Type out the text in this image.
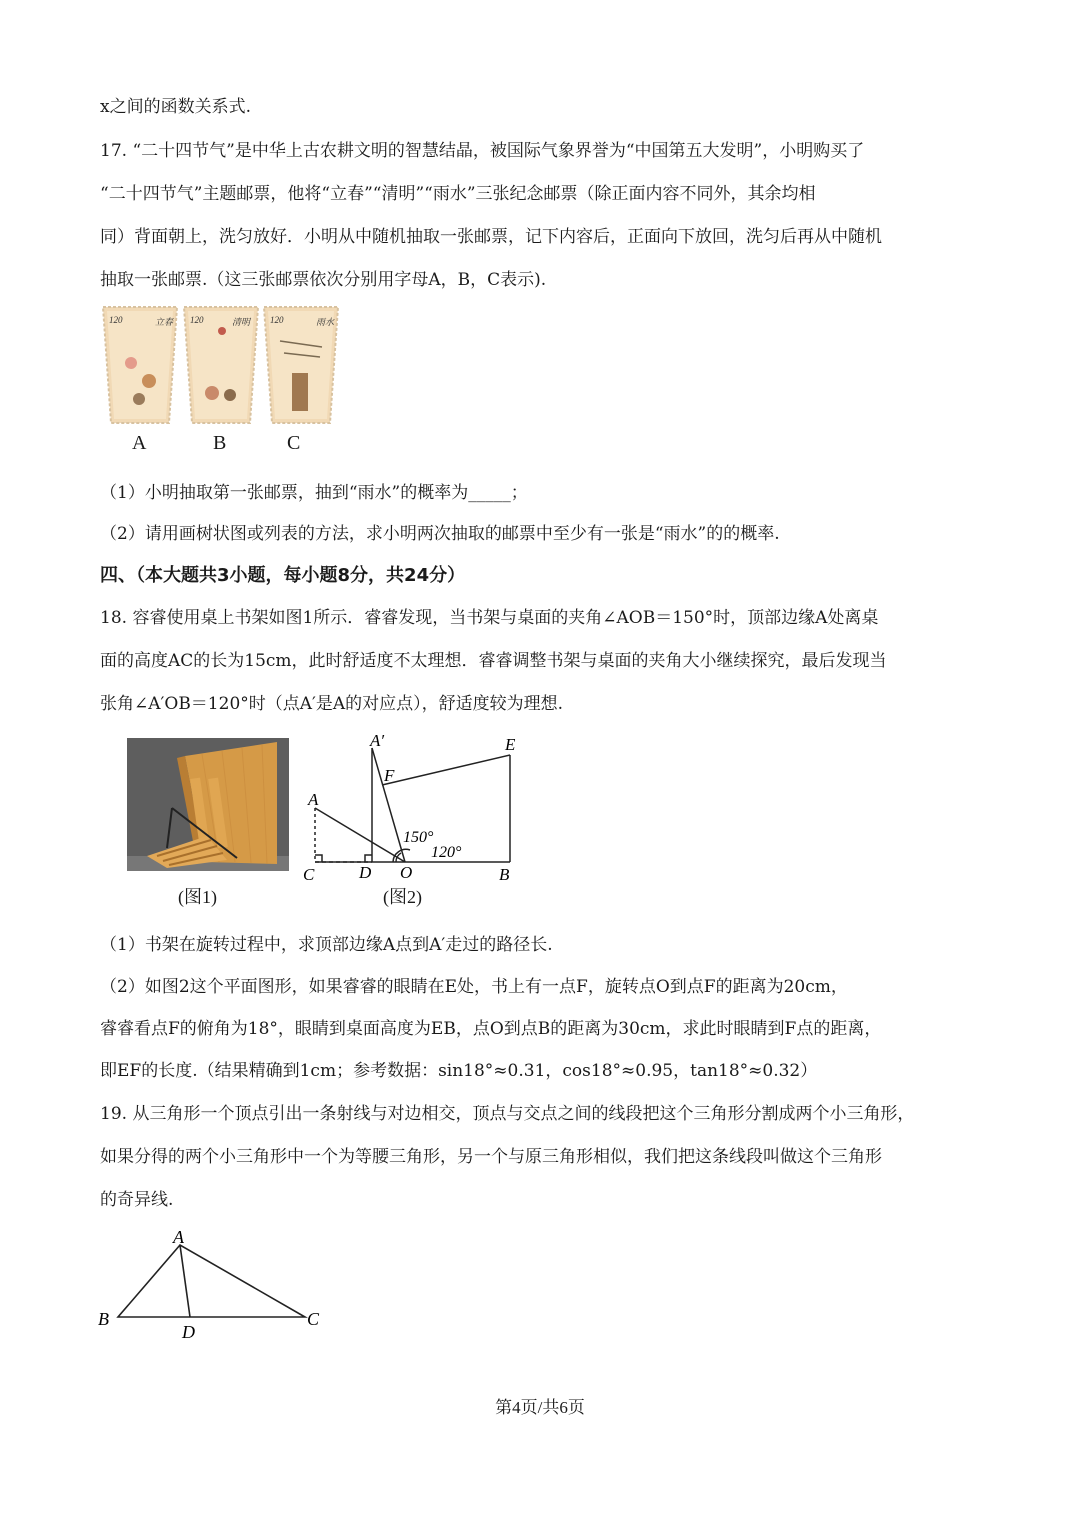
x之间的函数关系式.
17. “二十四节气”是中华上古农耕文明的智慧结晶，被国际气象界誉为“中国第五大发明”，小明购买了
“二十四节气”主题邮票，他将“立春”“清明”“雨水”三张纪念邮票（除正面内容不同外，其余均相
同）背面朝上，洗匀放好．小明从中随机抽取一张邮票，记下内容后，正面向下放回，洗匀后再从中随机
抽取一张邮票.（这三张邮票依次分别用字母A，B，C表示).
120	立春 120	清明 120	雨水
A	B	C
（1）小明抽取第一张邮票，抽到“雨水”的概率为_____；
（2）请用画树状图或列表的方法，求小明两次抽取的邮票中至少有一张是“雨水”的的概率.
四、（本大题共3小题，每小题8分，共24分）
18. 容睿使用桌上书架如图1所示．睿睿发现，当书架与桌面的夹角∠AOB＝150°时，顶部边缘A处离桌
面的高度AC的长为15cm，此时舒适度不太理想．睿睿调整书架与桌面的夹角大小继续探究，最后发现当
张角∠A′OB＝120°时（点A′是A的对应点），舒适度较为理想.
A′	E
F
A
150°
120°
C	D O	B
(图1)	(图2)
（1）书架在旋转过程中，求顶部边缘A点到A′走过的路径长.
（2）如图2这个平面图形，如果睿睿的眼睛在E处，书上有一点F，旋转点O到点F的距离为20cm，
睿睿看点F的俯角为18°，眼睛到桌面高度为EB，点O到点B的距离为30cm，求此时眼睛到F点的距离，
即EF的长度.（结果精确到1cm；参考数据：sin18°≈0.31，cos18°≈0.95，tan18°≈0.32）
19. 从三角形一个顶点引出一条射线与对边相交，顶点与交点之间的线段把这个三角形分割成两个小三角形，
如果分得的两个小三角形中一个为等腰三角形，另一个与原三角形相似，我们把这条线段叫做这个三角形
的奇异线.
A
B	C
D
第4页/共6页
